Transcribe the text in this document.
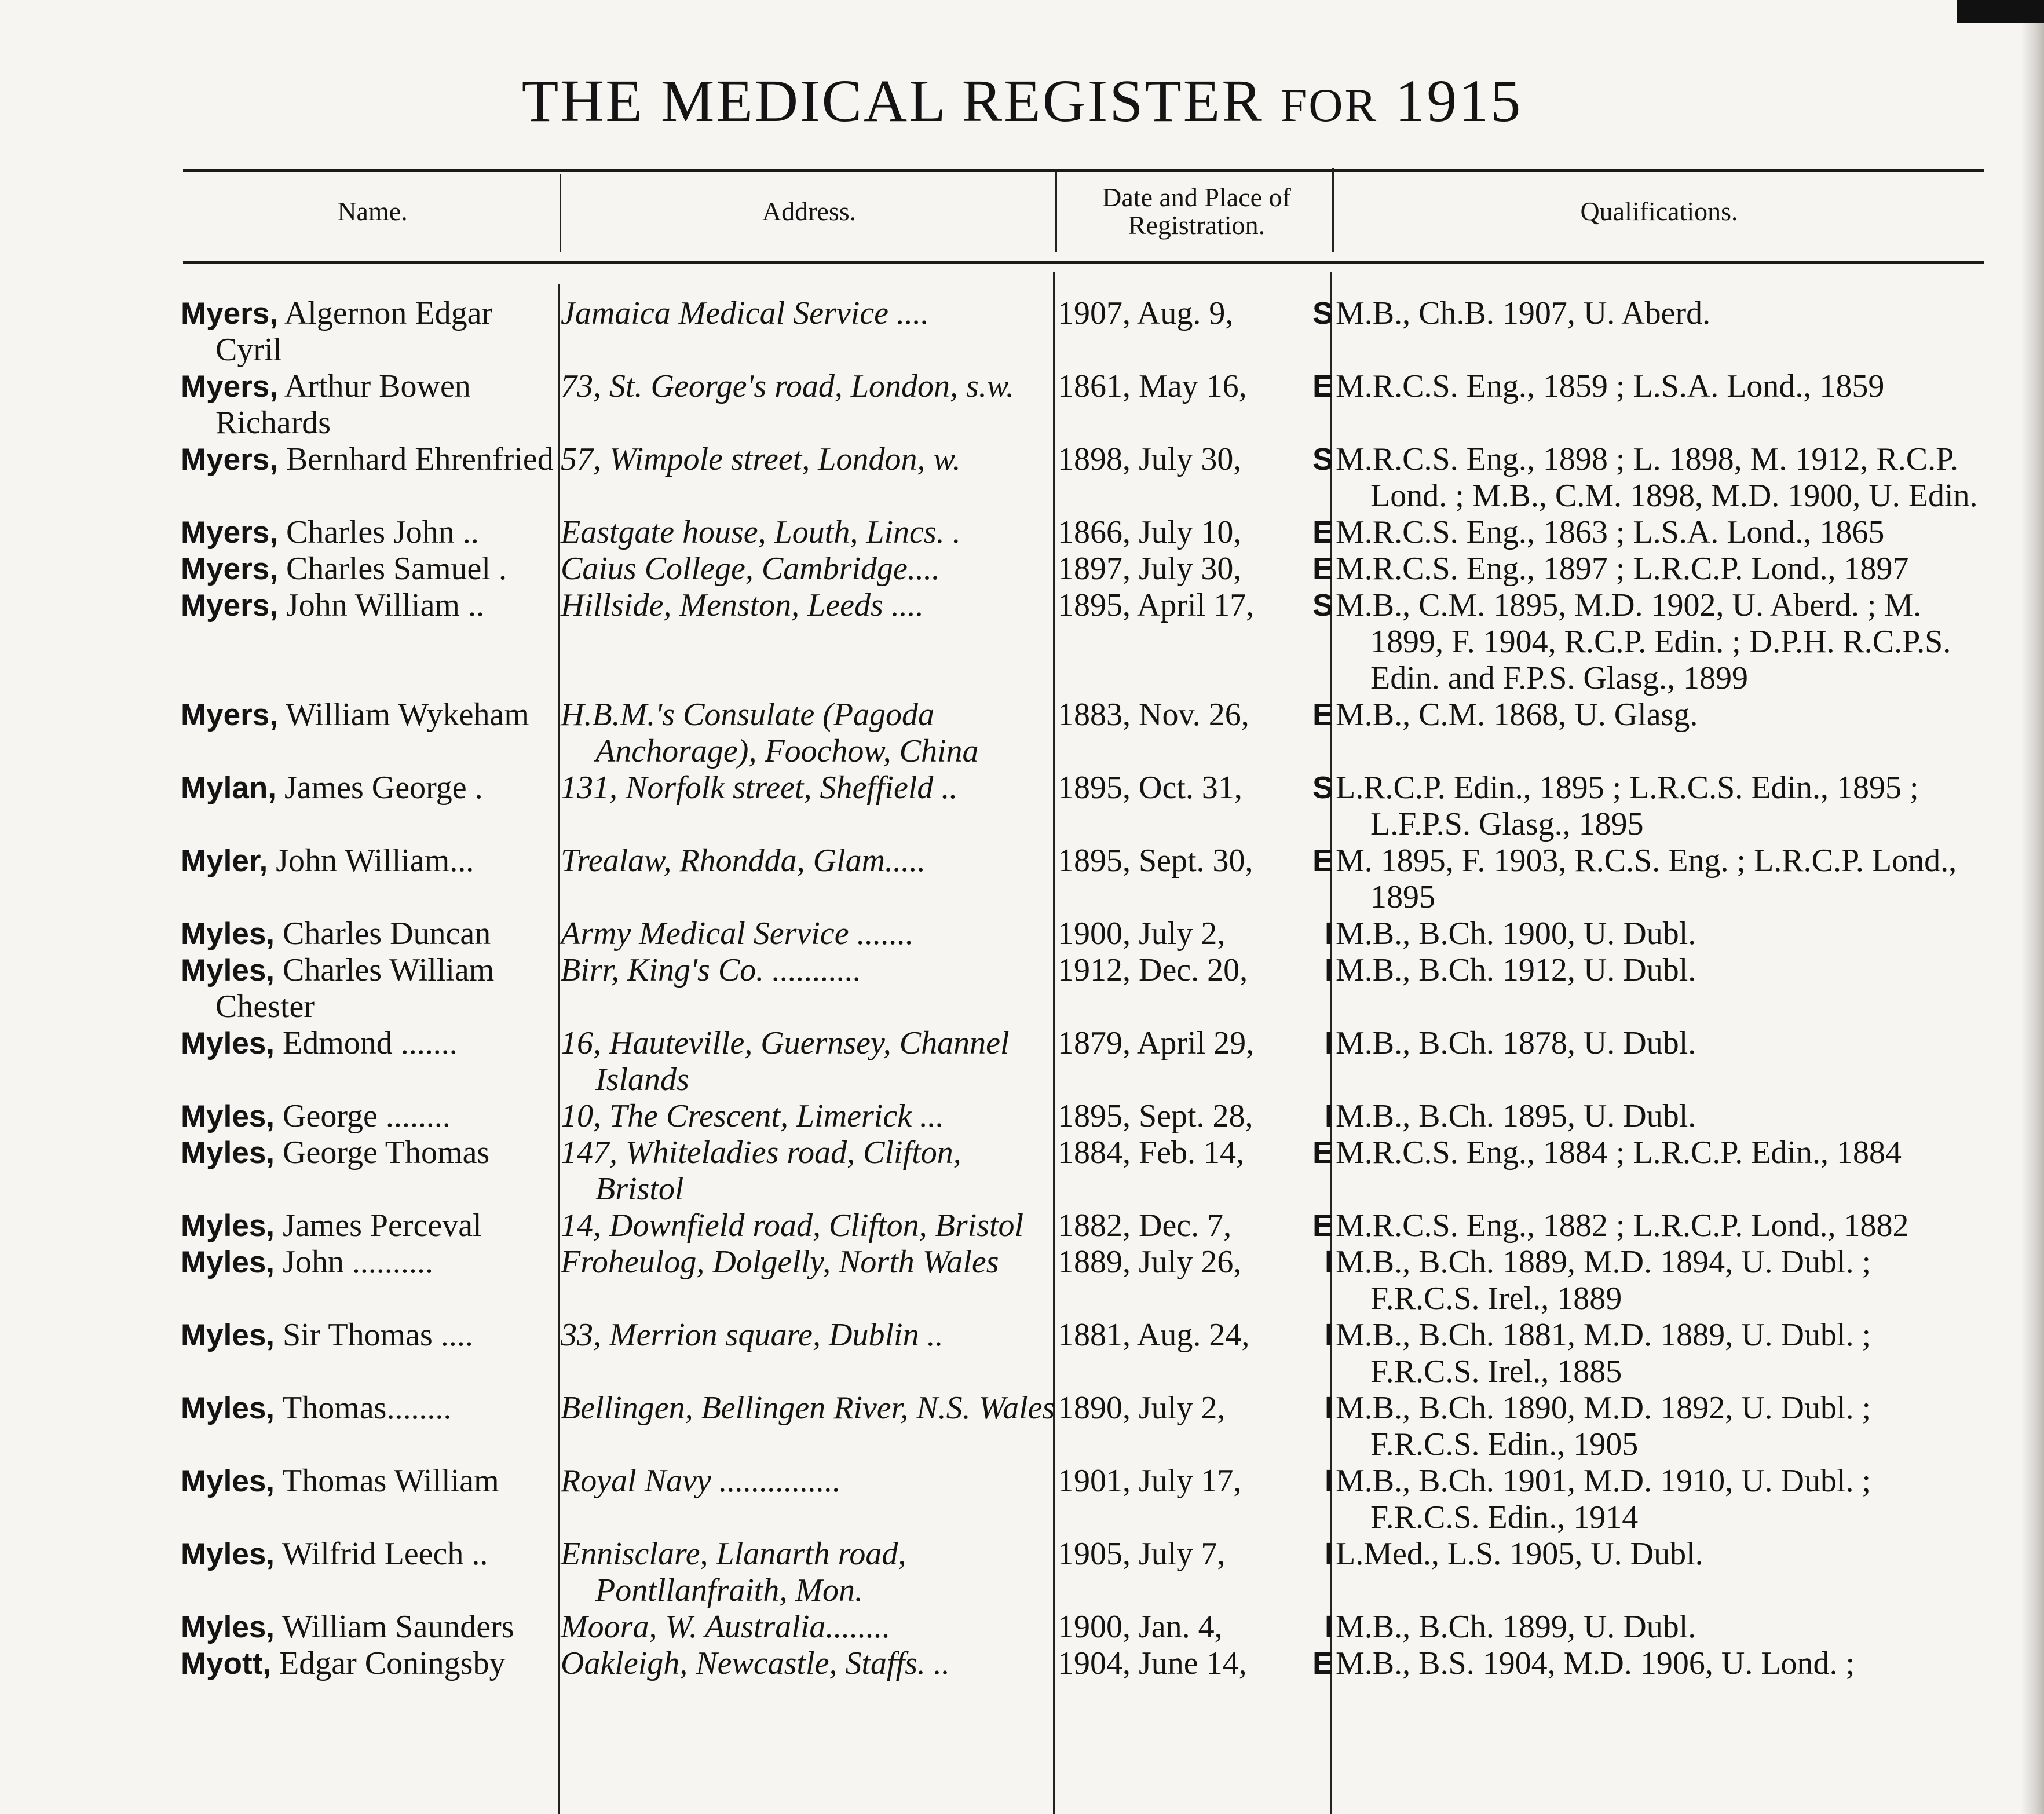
THE MEDICAL REGISTER FOR 1915
Name.	Address.	Date and Place of Registration.	Qualifications.
Myers, Algernon Edgar Cyril	Jamaica Medical Service ....	1907, Aug. 9, S	M.B., Ch.B. 1907, U. Aberd.

Myers, Arthur Bowen Richards	73, St. George's road, London, s.w.	1861, May 16, E	M.R.C.S. Eng., 1859 ; L.S.A. Lond., 1859

Myers, Bernhard Ehrenfried	57, Wimpole street, London, w.	1898, July 30, S	M.R.C.S. Eng., 1898 ; L. 1898, M. 1912, R.C.P. Lond. ; M.B., C.M. 1898, M.D. 1900, U. Edin.

Myers, Charles John ..	Eastgate house, Louth, Lincs. .	1866, July 10, E	M.R.C.S. Eng., 1863 ; L.S.A. Lond., 1865

Myers, Charles Samuel .	Caius College, Cambridge....	1897, July 30, E	M.R.C.S. Eng., 1897 ; L.R.C.P. Lond., 1897

Myers, John William ..	Hillside, Menston, Leeds ....	1895, April 17, S	M.B., C.M. 1895, M.D. 1902, U. Aberd. ; M. 1899, F. 1904, R.C.P. Edin. ; D.P.H. R.C.P.S. Edin. and F.P.S. Glasg., 1899

Myers, William Wykeham	H.B.M.'s Consulate (Pagoda Anchorage), Foochow, China	1883, Nov. 26, E	M.B., C.M. 1868, U. Glasg.

Mylan, James George .	131, Norfolk street, Sheffield ..	1895, Oct. 31, S	L.R.C.P. Edin., 1895 ; L.R.C.S. Edin., 1895 ; L.F.P.S. Glasg., 1895

Myler, John William...	Trealaw, Rhondda, Glam.....	1895, Sept. 30, E	M. 1895, F. 1903, R.C.S. Eng. ; L.R.C.P. Lond., 1895

Myles, Charles Duncan	Army Medical Service .......	1900, July 2, I	M.B., B.Ch. 1900, U. Dubl.

Myles, Charles William Chester	Birr, King's Co. ...........	1912, Dec. 20, I	M.B., B.Ch. 1912, U. Dubl.

Myles, Edmond .......	16, Hauteville, Guernsey, Channel Islands	1879, April 29, I	M.B., B.Ch. 1878, U. Dubl.

Myles, George ........	10, The Crescent, Limerick ...	1895, Sept. 28, I	M.B., B.Ch. 1895, U. Dubl.

Myles, George Thomas	147, Whiteladies road, Clifton, Bristol	1884, Feb. 14, E	M.R.C.S. Eng., 1884 ; L.R.C.P. Edin., 1884

Myles, James Perceval	14, Downfield road, Clifton, Bristol	1882, Dec. 7, E	M.R.C.S. Eng., 1882 ; L.R.C.P. Lond., 1882

Myles, John ..........	Froheulog, Dolgelly, North Wales	1889, July 26, I	M.B., B.Ch. 1889, M.D. 1894, U. Dubl. ; F.R.C.S. Irel., 1889

Myles, Sir Thomas ....	33, Merrion square, Dublin ..	1881, Aug. 24, I	M.B., B.Ch. 1881, M.D. 1889, U. Dubl. ; F.R.C.S. Irel., 1885

Myles, Thomas........	Bellingen, Bellingen River, N.S. Wales	1890, July 2, I	M.B., B.Ch. 1890, M.D. 1892, U. Dubl. ; F.R.C.S. Edin., 1905

Myles, Thomas William	Royal Navy ...............	1901, July 17, I	M.B., B.Ch. 1901, M.D. 1910, U. Dubl. ; F.R.C.S. Edin., 1914

Myles, Wilfrid Leech ..	Ennisclare, Llanarth road, Pontllanfraith, Mon.	1905, July 7, I	L.Med., L.S. 1905, U. Dubl.

Myles, William Saunders	Moora, W. Australia........	1900, Jan. 4, I	M.B., B.Ch. 1899, U. Dubl.

Myott, Edgar Coningsby	Oakleigh, Newcastle, Staffs. ..	1904, June 14, E	M.B., B.S. 1904, M.D. 1906, U. Lond. ;
